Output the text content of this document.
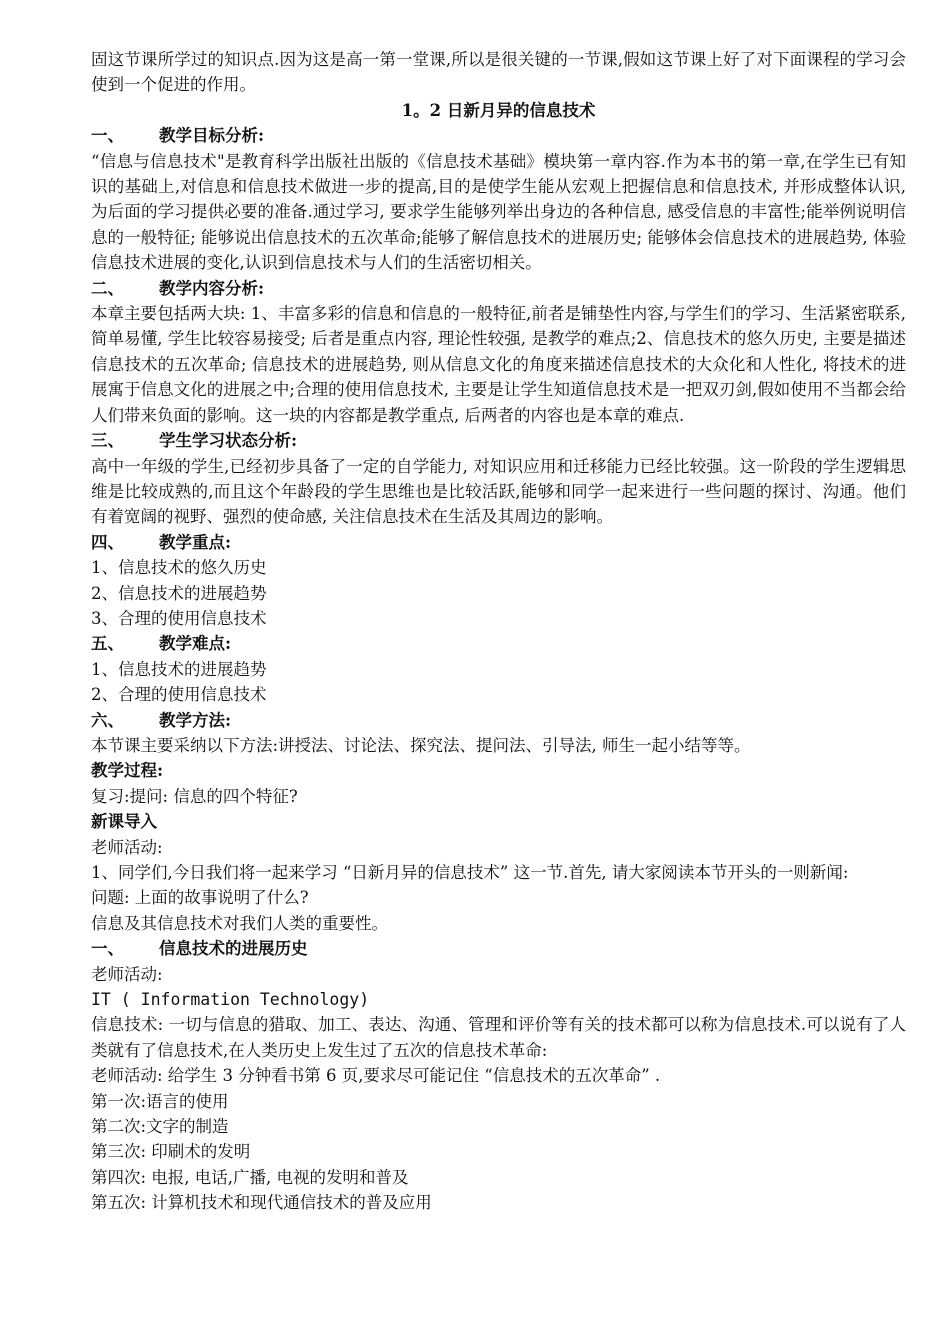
固这节课所学过的知识点.因为这是高一第一堂课,所以是很关键的一节课,假如这节课上好了对下面课程的学习会使到一个促进的作用。

1。2 日新月异的信息技术

一、 教学目标分析:

“信息与信息技术"是教育科学出版社出版的《信息技术基础》模块第一章内容.作为本书的第一章,在学生已有知识的基础上,对信息和信息技术做进一步的提高,目的是使学生能从宏观上把握信息和信息技术, 并形成整体认识, 为后面的学习提供必要的准备.通过学习, 要求学生能够列举出身边的各种信息, 感受信息的丰富性;能举例说明信息的一般特征; 能够说出信息技术的五次革命;能够了解信息技术的进展历史; 能够体会信息技术的进展趋势, 体验信息技术进展的变化,认识到信息技术与人们的生活密切相关。

二、 教学内容分析:

本章主要包括两大块: 1、丰富多彩的信息和信息的一般特征,前者是铺垫性内容,与学生们的学习、生活紧密联系, 简单易懂, 学生比较容易接受; 后者是重点内容, 理论性较强, 是教学的难点;2、信息技术的悠久历史, 主要是描述信息技术的五次革命; 信息技术的进展趋势, 则从信息文化的角度来描述信息技术的大众化和人性化, 将技术的进展寓于信息文化的进展之中;合理的使用信息技术, 主要是让学生知道信息技术是一把双刃剑,假如使用不当都会给人们带来负面的影响。这一块的内容都是教学重点, 后两者的内容也是本章的难点.

三、 学生学习状态分析:

高中一年级的学生,已经初步具备了一定的自学能力, 对知识应用和迁移能力已经比较强。这一阶段的学生逻辑思维是比较成熟的,而且这个年龄段的学生思维也是比较活跃,能够和同学一起来进行一些问题的探讨、沟通。他们有着宽阔的视野、强烈的使命感, 关注信息技术在生活及其周边的影响。

四、 教学重点:

1、信息技术的悠久历史

2、信息技术的进展趋势

3、合理的使用信息技术

五、 教学难点:

1、信息技术的进展趋势

2、合理的使用信息技术

六、 教学方法:

本节课主要采纳以下方法:讲授法、讨论法、探究法、提问法、引导法, 师生一起小结等等。

教学过程:

复习:提问: 信息的四个特征?

新课导入

老师活动:

1、同学们,今日我们将一起来学习 “日新月异的信息技术” 这一节.首先, 请大家阅读本节开头的一则新闻:

问题: 上面的故事说明了什么?

信息及其信息技术对我们人类的重要性。

一、 信息技术的进展历史

老师活动:

IT ( Information Technology)

信息技术: 一切与信息的猎取、加工、表达、沟通、管理和评价等有关的技术都可以称为信息技术.可以说有了人类就有了信息技术,在人类历史上发生过了五次的信息技术革命:

老师活动: 给学生 3 分钟看书第 6 页,要求尽可能记住 “信息技术的五次革命” .

第一次:语言的使用

第二次:文字的制造

第三次: 印刷术的发明

第四次: 电报, 电话,广播, 电视的发明和普及

第五次: 计算机技术和现代通信技术的普及应用
